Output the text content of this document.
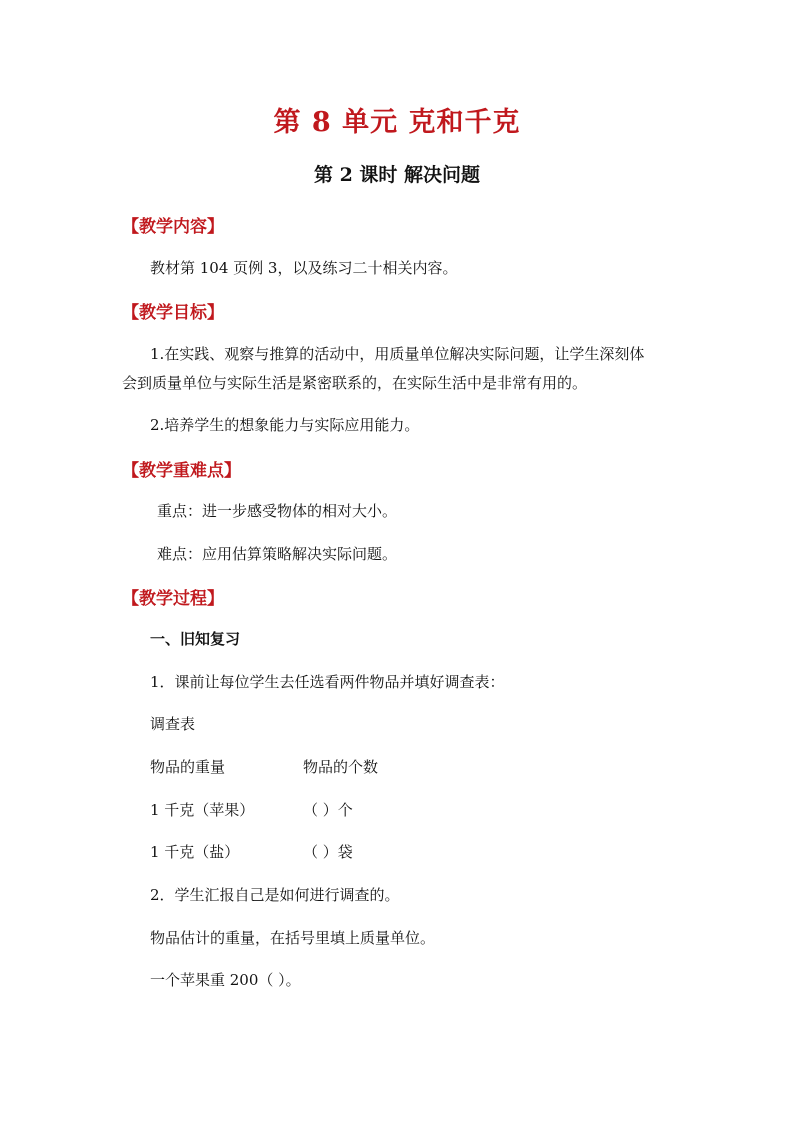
第 8 单元 克和千克
第 2 课时 解决问题
【教学内容】
教材第 104 页例 3，以及练习二十相关内容。
【教学目标】
1.在实践、观察与推算的活动中，用质量单位解决实际问题，让学生深刻体
会到质量单位与实际生活是紧密联系的，在实际生活中是非常有用的。
2.培养学生的想象能力与实际应用能力。
【教学重难点】
重点：进一步感受物体的相对大小。
难点：应用估算策略解决实际问题。
【教学过程】
一、旧知复习
1．课前让每位学生去任选看两件物品并填好调查表：
调查表
物品的重量	物品的个数
1 千克（苹果）	（ ）个
1 千克（盐）	（ ）袋
2．学生汇报自己是如何进行调查的。
物品估计的重量，在括号里填上质量单位。
一个苹果重 200（ ）。
